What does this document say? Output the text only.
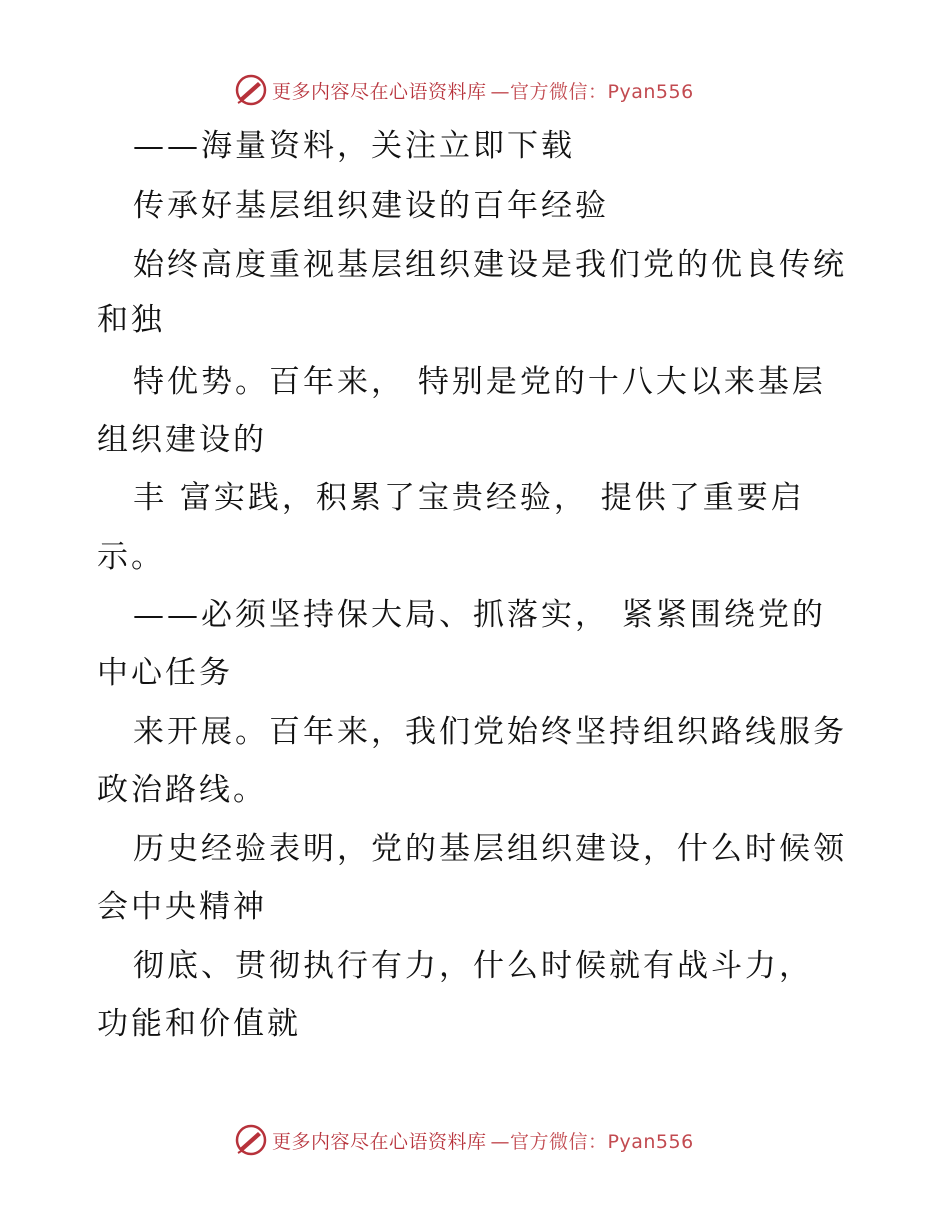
更多内容尽在心语资料库 —官方微信：Pyan556
——海量资料，关注立即下载
传承好基层组织建设的百年经验
始终高度重视基层组织建设是我们党的优良传统
和独
特优势。百年来， 特别是党的十八大以来基层
组织建设的
丰 富实践，积累了宝贵经验， 提供了重要启
示。
——必须坚持保大局、抓落实， 紧紧围绕党的
中心任务
来开展。百年来，我们党始终坚持组织路线服务
政治路线。
历史经验表明，党的基层组织建设，什么时候领
会中央精神
彻底、贯彻执行有力，什么时候就有战斗力，
功能和价值就
更多内容尽在心语资料库 —官方微信：Pyan556
